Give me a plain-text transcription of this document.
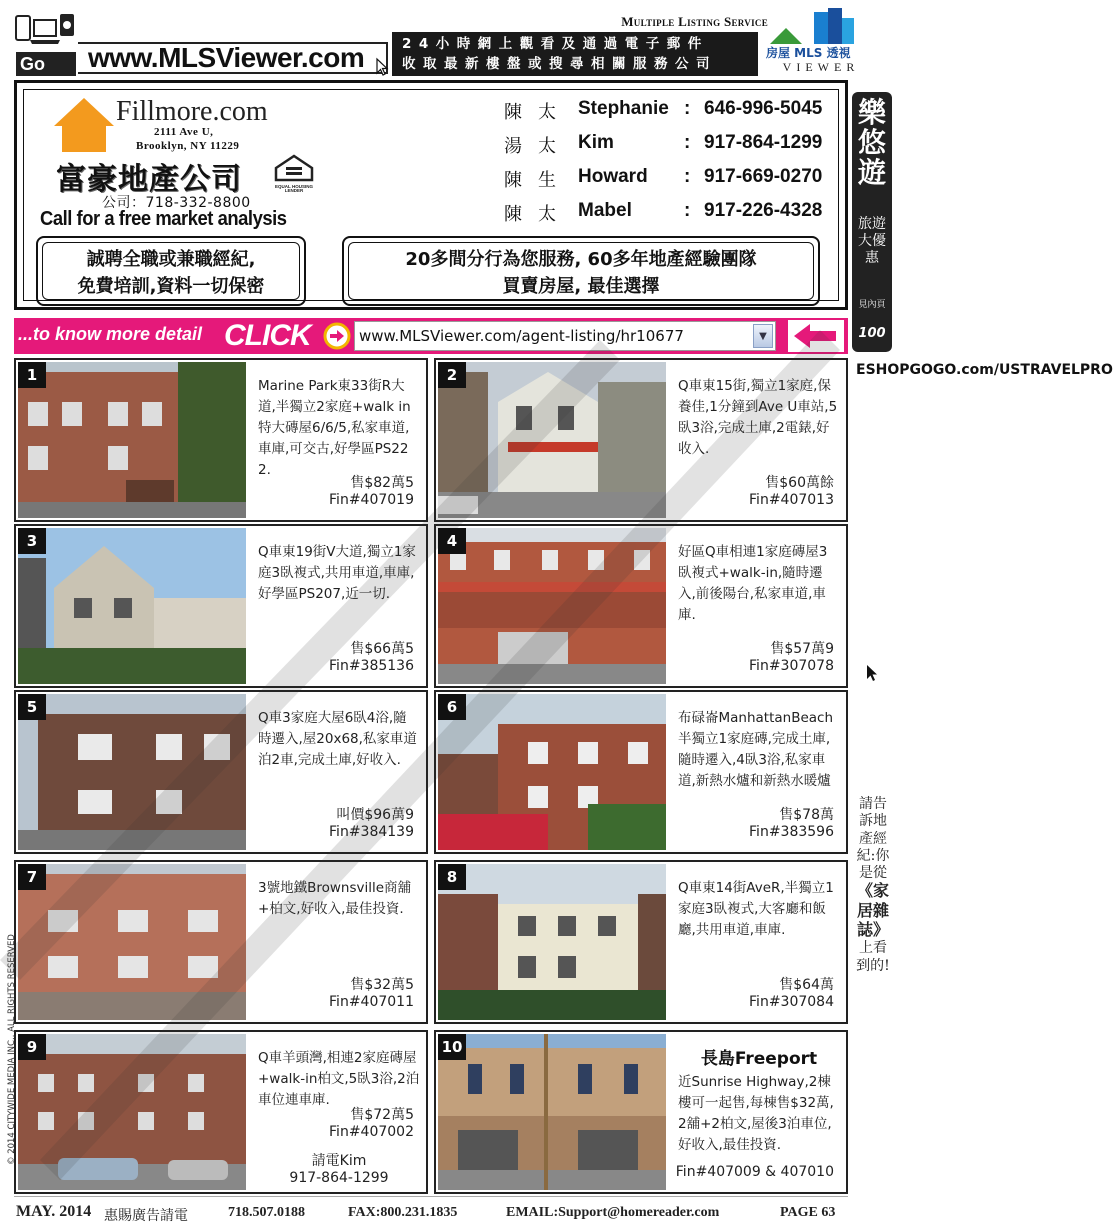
Go	www.MLSViewer.com
Multiple Listing Service
24小時網上觀看及通過電子郵件
收取最新樓盤或搜尋相關服務公司
房屋 MLS 透視
VIEWER
Fillmore.com
2111 Ave U,
Brooklyn, NY 11229
富豪地產公司	EQUAL HOUSING
LENDER
公司：718-332-8800
Call for a free market analysis
陳太 Stephanie : 646-996-5045
湯太 Kim	: 917-864-1299
陳生 Howard : 917-669-0270
陳太 Mabel	: 917-226-4328
誠聘全職或兼職經紀,
免費培訓,資料一切保密
20多間分行為您服務, 60多年地產經驗團隊
買賣房屋, 最佳選擇
...to know more detail CLICK	www.MLSViewer.com/agent-listing/hr10677	▼
1
Marine Park東33街R大道,半獨立2家庭+walk in特大磚屋6/6/5,私家車道,車庫,可交古,好學區PS222.
售$82萬5
Fin#407019
2
Q車東15街,獨立1家庭,保養佳,1分鐘到Ave U車站,5臥3浴,完成土庫,2電錶,好收入.
售$60萬餘
Fin#407013
3
Q車東19街V大道,獨立1家庭3臥複式,共用車道,車庫,好學區PS207,近一切.
售$66萬5
Fin#385136
4
好區Q車相連1家庭磚屋3臥複式+walk-in,隨時遷入,前後陽台,私家車道,車庫.
售$57萬9
Fin#307078
5
Q車3家庭大屋6臥4浴,隨時遷入,屋20x68,私家車道泊2車,完成土庫,好收入.
叫價$96萬9
Fin#384139
6
布碌崙ManhattanBeach半獨立1家庭磚,完成土庫,隨時遷入,4臥3浴,私家車道,新熱水爐和新熱水暖爐
售$78萬
Fin#383596
7
3號地鐵Brownsville商舖+柏文,好收入,最佳投資.
售$32萬5
Fin#407011
8
Q車東14街AveR,半獨立1家庭3臥複式,大客廳和飯廳,共用車道,車庫.
售$64萬
Fin#307084
9
Q車羊頭灣,相連2家庭磚屋+walk-in柏文,5臥3浴,2泊車位連車庫.
售$72萬5
Fin#407002
請電Kim
917-864-1299
10
長島Freeport
近Sunrise Highway,2棟樓可一起售,每棟售$32萬,2舖+2柏文,屋後3泊車位,好收入,最佳投資.
Fin#407009 & 407010
樂悠遊
旅遊大優惠
見內頁
100
ESHOPGOGO.com/USTRAVELPRO
請告訴地產經紀:你是從 《家居雜誌》 上看到的!
© 2014 CITYWIDE MEDIA INC., ALL RIGHTS RESERVED
MAY. 2014 惠賜廣告請電	718.507.0188	FAX:800.231.1835	EMAIL:Support@homereader.com	PAGE 63
